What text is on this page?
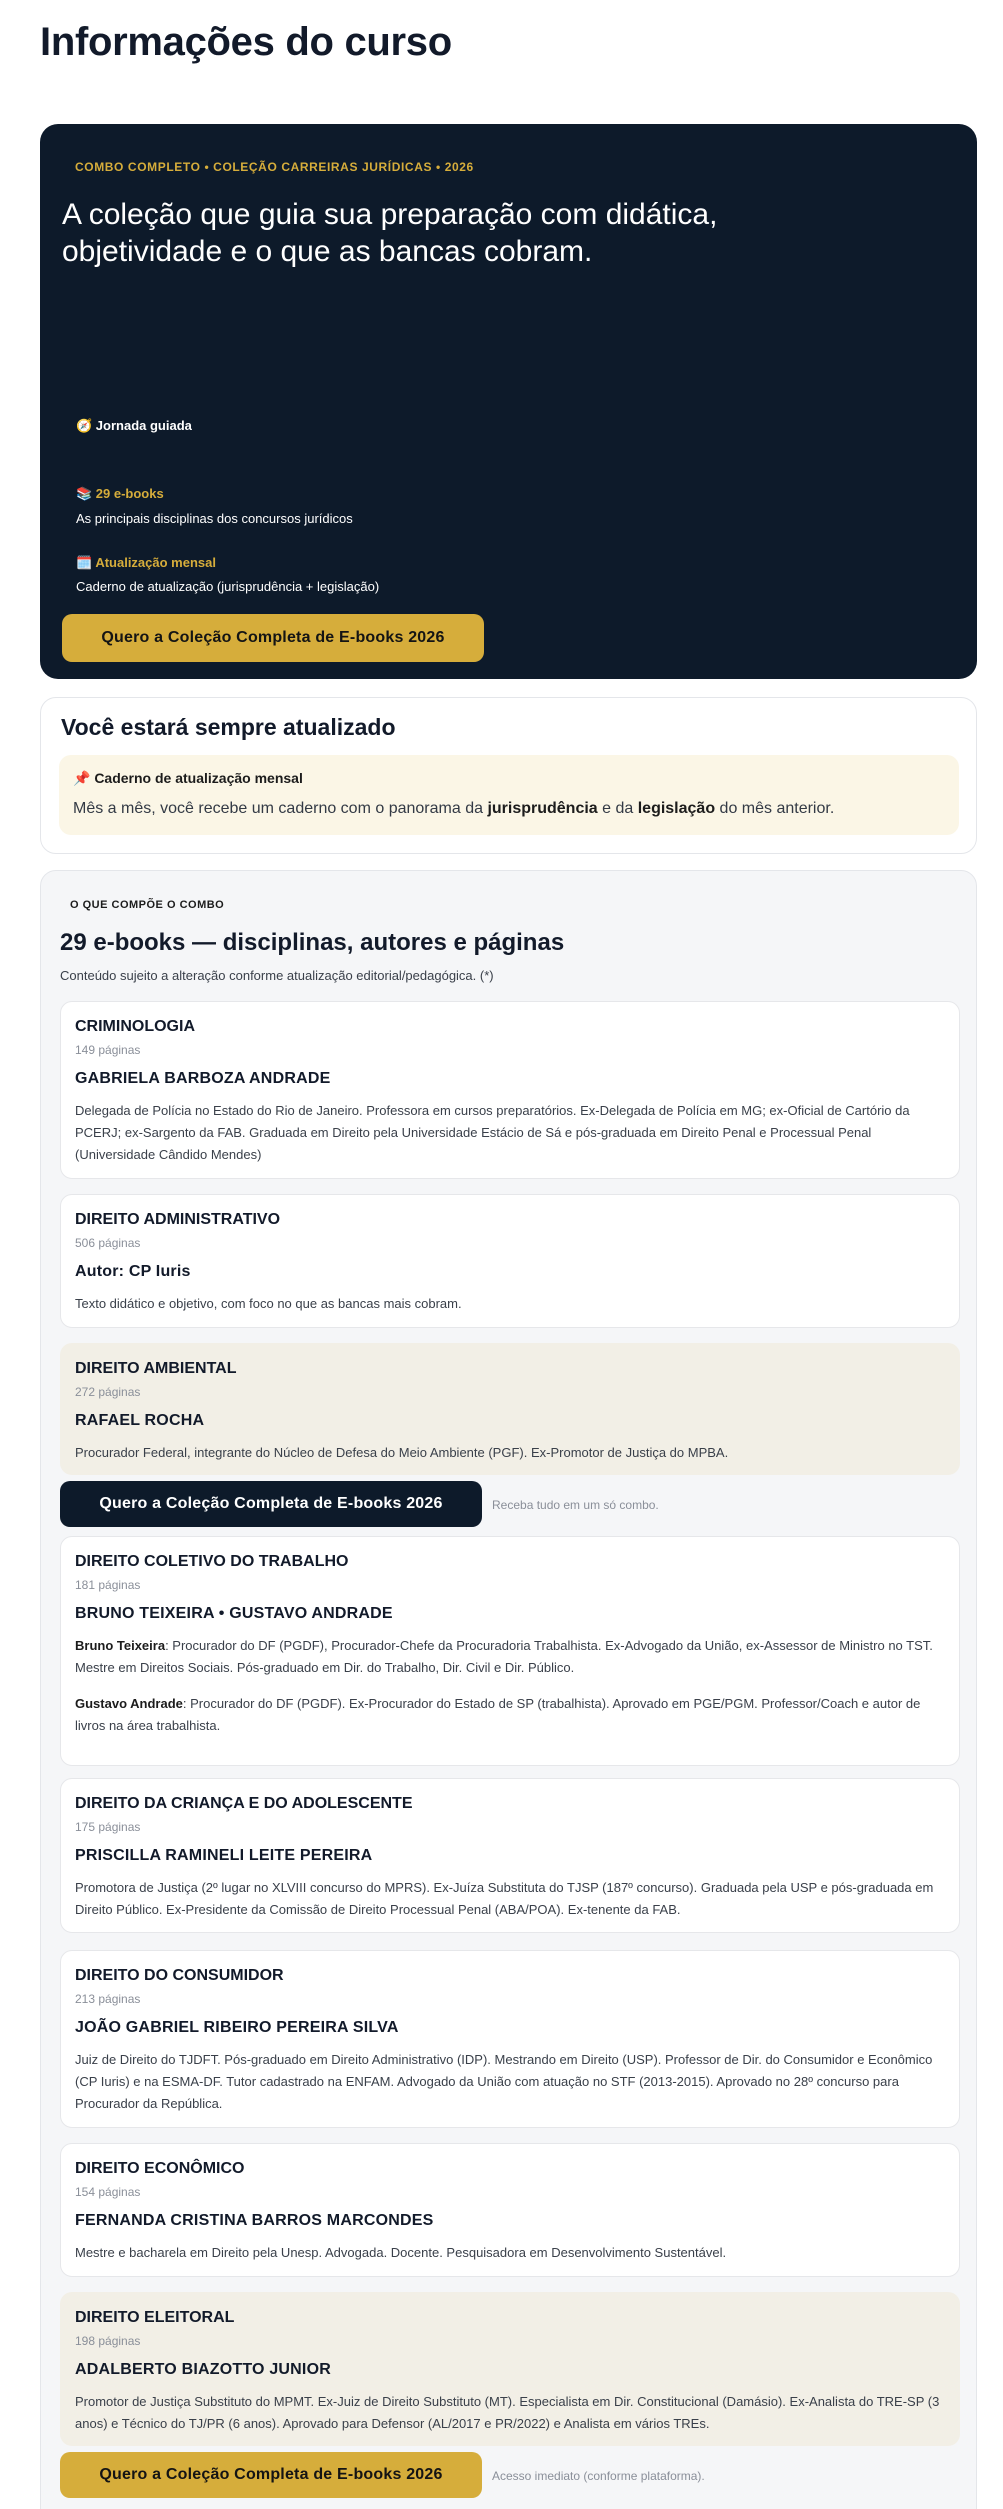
Informações do curso
COMBO COMPLETO • COLEÇÃO CARREIRAS JURÍDICAS • 2026
A coleção que guia sua preparação com didática, objetividade e o que as bancas cobram.
🧭 Jornada guiada
📚 29 e-books
As principais disciplinas dos concursos jurídicos
🗓️ Atualização mensal
Caderno de atualização (jurisprudência + legislação)
Quero a Coleção Completa de E-books 2026
Você estará sempre atualizado
📌 Caderno de atualização mensal

Mês a mês, você recebe um caderno com o panorama da jurisprudência e da legislação do mês anterior.

O QUE COMPÕE O COMBO
29 e-books — disciplinas, autores e páginas

Conteúdo sujeito a alteração conforme atualização editorial/pedagógica. (*)

CRIMINOLOGIA
149 páginas
GABRIELA BARBOZA ANDRADE

Delegada de Polícia no Estado do Rio de Janeiro. Professora em cursos preparatórios. Ex-Delegada de Polícia em MG; ex-Oficial de Cartório da PCERJ; ex-Sargento da FAB. Graduada em Direito pela Universidade Estácio de Sá e pós-graduada em Direito Penal e Processual Penal (Universidade Cândido Mendes)

DIREITO ADMINISTRATIVO
506 páginas
Autor: CP Iuris

Texto didático e objetivo, com foco no que as bancas mais cobram.

DIREITO AMBIENTAL
272 páginas
RAFAEL ROCHA

Procurador Federal, integrante do Núcleo de Defesa do Meio Ambiente (PGF). Ex-Promotor de Justiça do MPBA.

Quero a Coleção Completa de E-books 2026	Receba tudo em um só combo.
DIREITO COLETIVO DO TRABALHO
181 páginas
BRUNO TEIXEIRA • GUSTAVO ANDRADE

Bruno Teixeira: Procurador do DF (PGDF), Procurador-Chefe da Procuradoria Trabalhista. Ex-Advogado da União, ex-Assessor de Ministro no TST. Mestre em Direitos Sociais. Pós-graduado em Dir. do Trabalho, Dir. Civil e Dir. Público.

Gustavo Andrade: Procurador do DF (PGDF). Ex-Procurador do Estado de SP (trabalhista). Aprovado em PGE/PGM. Professor/Coach e autor de livros na área trabalhista.

DIREITO DA CRIANÇA E DO ADOLESCENTE
175 páginas
PRISCILLA RAMINELI LEITE PEREIRA

Promotora de Justiça (2º lugar no XLVIII concurso do MPRS). Ex-Juíza Substituta do TJSP (187º concurso). Graduada pela USP e pós-graduada em Direito Público. Ex-Presidente da Comissão de Direito Processual Penal (ABA/POA). Ex-tenente da FAB.

DIREITO DO CONSUMIDOR
213 páginas
JOÃO GABRIEL RIBEIRO PEREIRA SILVA

Juiz de Direito do TJDFT. Pós-graduado em Direito Administrativo (IDP). Mestrando em Direito (USP). Professor de Dir. do Consumidor e Econômico (CP Iuris) e na ESMA-DF. Tutor cadastrado na ENFAM. Advogado da União com atuação no STF (2013-2015). Aprovado no 28º concurso para Procurador da República.

DIREITO ECONÔMICO
154 páginas
FERNANDA CRISTINA BARROS MARCONDES

Mestre e bacharela em Direito pela Unesp. Advogada. Docente. Pesquisadora em Desenvolvimento Sustentável.

DIREITO ELEITORAL
198 páginas
ADALBERTO BIAZOTTO JUNIOR

Promotor de Justiça Substituto do MPMT. Ex-Juiz de Direito Substituto (MT). Especialista em Dir. Constitucional (Damásio). Ex-Analista do TRE-SP (3 anos) e Técnico do TJ/PR (6 anos). Aprovado para Defensor (AL/2017 e PR/2022) e Analista em vários TREs.

Quero a Coleção Completa de E-books 2026	Acesso imediato (conforme plataforma).
